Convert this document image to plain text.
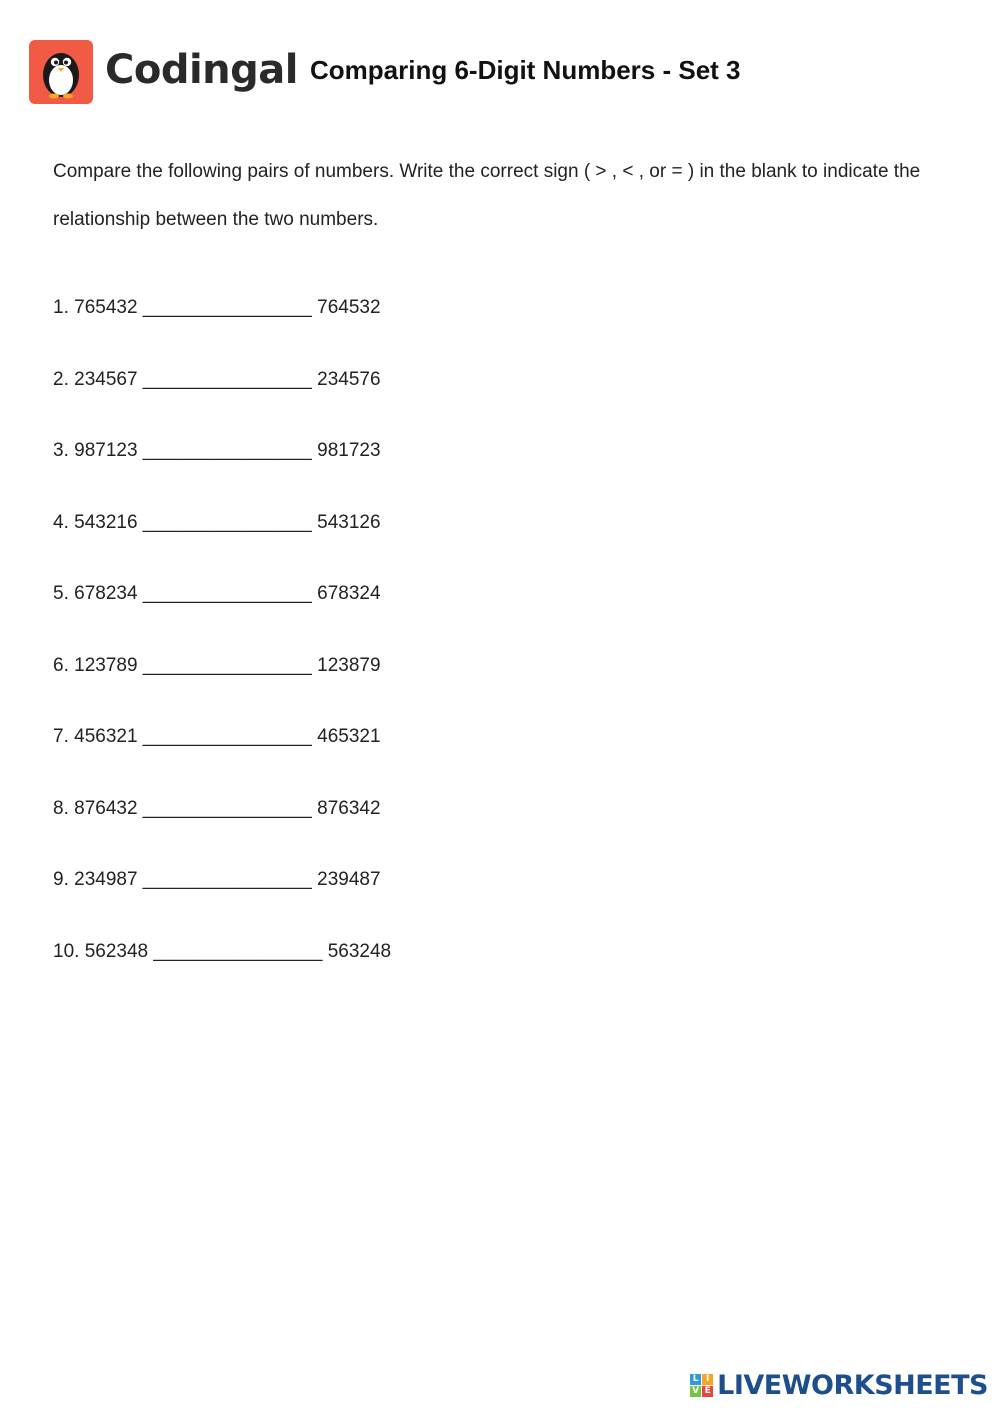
Codingal Comparing 6-Digit Numbers - Set 3
Compare the following pairs of numbers. Write the correct sign ( > , < , or = ) in the blank to indicate the relationship between the two numbers.
1. 765432 ________________ 764532
2. 234567 ________________ 234576
3. 987123 ________________ 981723
4. 543216 ________________ 543126
5. 678234 ________________ 678324
6. 123789 ________________ 123879
7. 456321 ________________ 465321
8. 876432 ________________ 876342
9. 234987 ________________ 239487
10. 562348 ________________ 563248
L I
V E LIVEWORKSHEETS
